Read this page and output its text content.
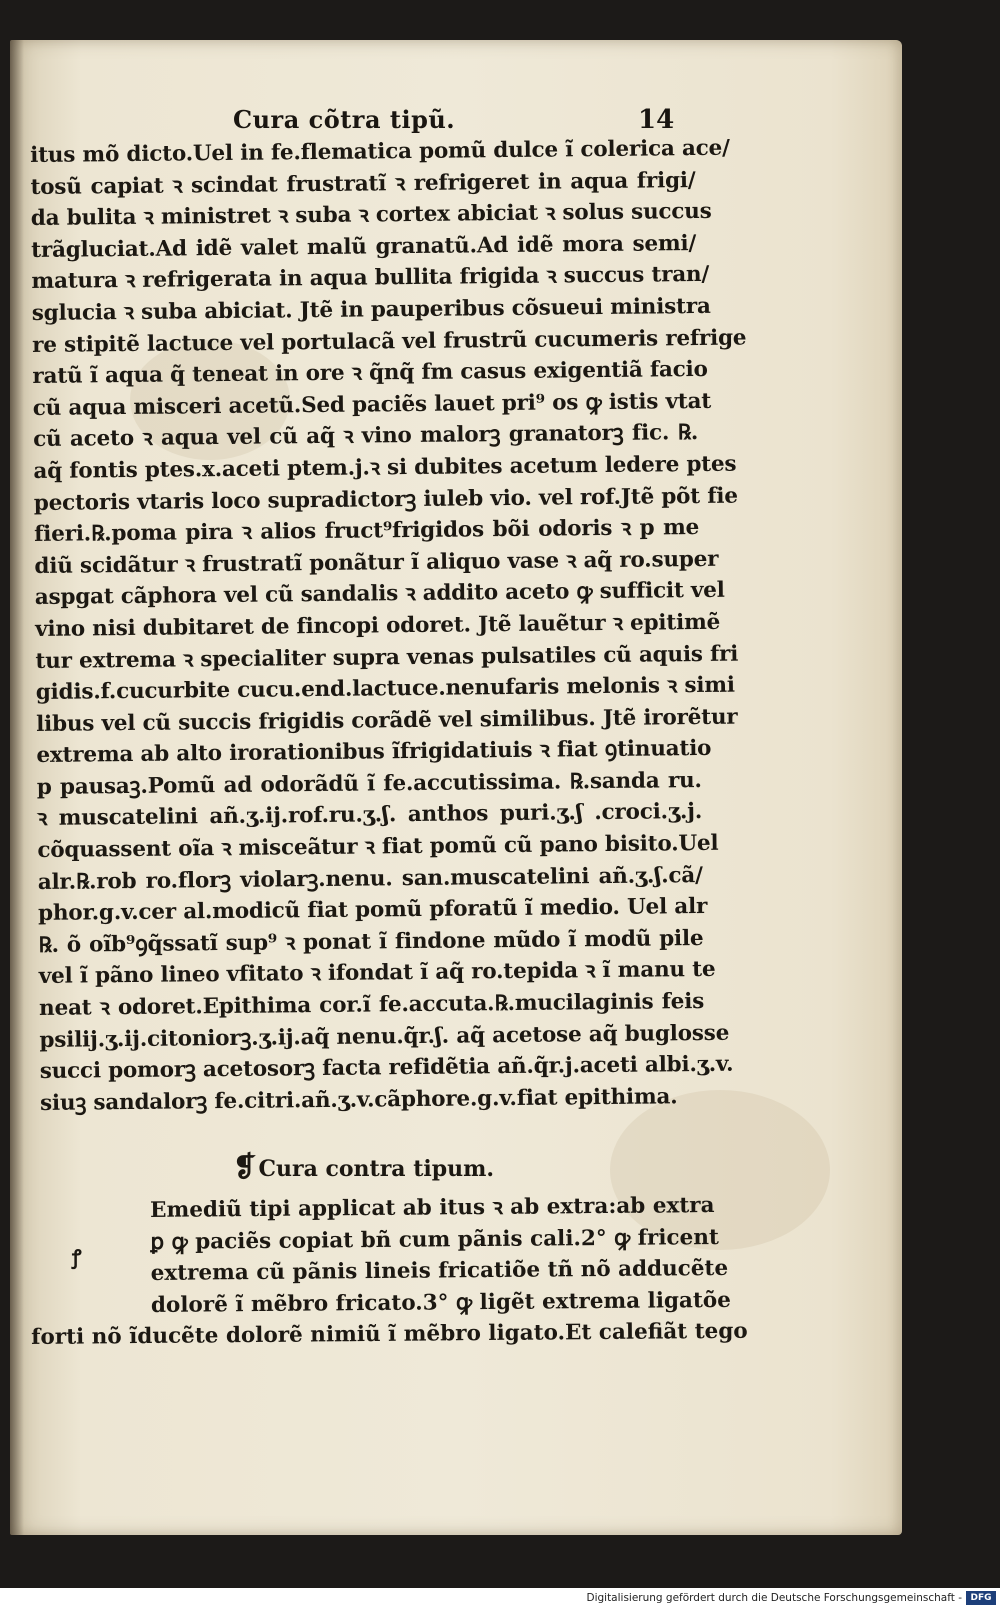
Cura cõtra tipũ.	14
itus mõ dicto.Uel in fe.flematica pomũ dulce ĩ colerica ace/
tosũ capiat ꝛ scindat frustratĩ ꝛ refrigeret in aqua frigi/
da bulita ꝛ ministret ꝛ suba ꝛ cortex abiciat ꝛ solus succus
trãgluciat.Ad idẽ valet malũ granatũ.Ad idẽ mora semi/
matura ꝛ refrigerata in aqua bullita frigida ꝛ succus tran/
sglucia ꝛ suba abiciat. Jtẽ in pauperibus cõsueui ministra
re stipitẽ lactuce vel portulacã vel frustrũ cucumeris refrige
ratũ ĩ aqua q̃ teneat in ore ꝛ q̃nq̃ fm casus exigentiã facio
cũ aqua misceri acetũ.Sed paciẽs lauet pri⁹ os ꝙ istis vtat
cũ aceto ꝛ aqua vel cũ aq̃ ꝛ vino malorꝫ granatorꝫ fic. ℞.
aq̃ fontis ptes.x.aceti ptem.j.ꝛ si dubites acetum ledere ptes
pectoris vtaris loco supradictorꝫ iuleb vio. vel rof.Jtẽ põt fie
fieri.℞.poma pira ꝛ alios fruct⁹frigidos bõi odoris ꝛ p me
diũ scidãtur ꝛ frustratĩ ponãtur ĩ aliquo vase ꝛ aq̃ ro.super
aspgat cãphora vel cũ sandalis ꝛ addito aceto ꝙ sufficit vel
vino nisi dubitaret de fincopi odoret. Jtẽ lauẽtur ꝛ epitimẽ
tur extrema ꝛ specialiter supra venas pulsatiles cũ aquis fri
gidis.f.cucurbite cucu.end.lactuce.nenufaris melonis ꝛ simi
libus vel cũ succis frigidis corãdẽ vel similibus. Jtẽ irorẽtur
extrema ab alto irorationibus ĩfrigidatiuis ꝛ fiat ꝯtinuatio
p pausaꝫ.Pomũ ad odorãdũ ĩ fe.accutissima. ℞.sanda ru.
ꝛ muscatelini añ.ʒ.ij.rof.ru.ʒ.ʃ. anthos puri.ʒ.ʃ .croci.ʒ.j.
cõquassent oĩa ꝛ misceãtur ꝛ fiat pomũ cũ pano bisito.Uel
alr.℞.rob ro.florꝫ violarꝫ.nenu. san.muscatelini añ.ʒ.ʃ.cã/
phor.g.v.cer al.modicũ fiat pomũ pforatũ ĩ medio. Uel alr
℞. õ oĩb⁹ꝯq̃ssatĩ sup⁹ ꝛ ponat ĩ findone mũdo ĩ modũ pile
vel ĩ pãno lineo vfitato ꝛ ifondat ĩ aq̃ ro.tepida ꝛ ĩ manu te
neat ꝛ odoret.Epithima cor.ĩ fe.accuta.℞.mucilaginis feis
psilij.ʒ.ij.citoniorꝫ.ʒ.ij.aq̃ nenu.q̃r.ʃ. aq̃ acetose aq̃ buglosse
succi pomorꝫ acetosorꝫ facta refidẽtia añ.q̃r.j.aceti albi.ʒ.v.
siuꝫ sandalorꝫ fe.citri.añ.ʒ.v.cãphore.g.v.fiat epithima.
❡Cura contra tipum.
ꝭ
Emediũ tipi applicat ab itus ꝛ ab extra:ab extra
ꝑ ꝙ paciẽs copiat bñ cum pãnis cali.2° ꝙ fricent
extrema cũ pãnis lineis fricatiõe tñ nõ adducẽte
dolorẽ ĩ mẽbro fricato.3° ꝙ ligẽt extrema ligatõe
forti nõ ĩducẽte dolorẽ nimiũ ĩ mẽbro ligato.Et calefiãt tego
Digitalisierung gefördert durch die Deutsche Forschungsgemeinschaft - DFG
